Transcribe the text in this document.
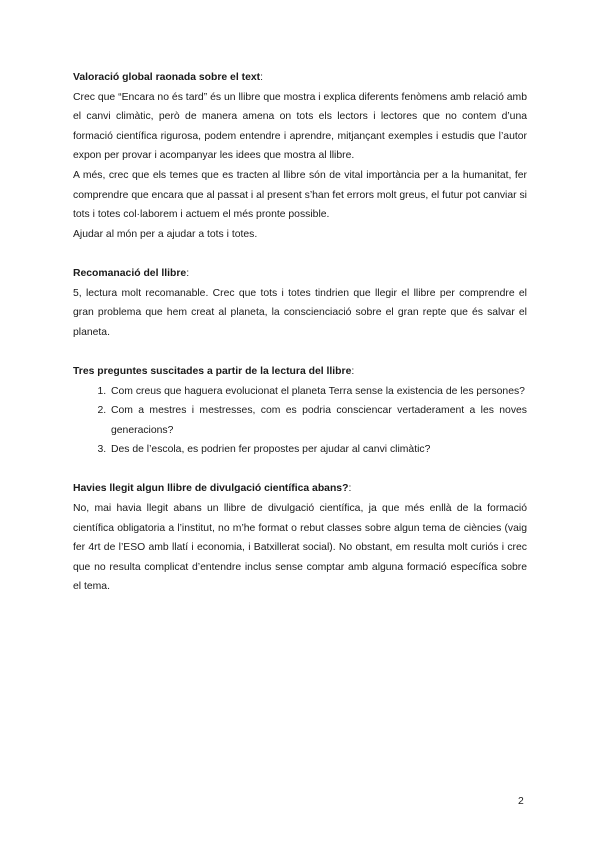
Valoració global raonada sobre el text:

Crec que “Encara no és tard” és un llibre que mostra i explica diferents fenòmens amb relació amb el canvi climàtic, però de manera amena on tots els lectors i lectores que no contem d’una formació científica rigurosa, podem entendre i aprendre, mitjançant exemples i estudis que l’autor expon per provar i acompanyar les idees que mostra al llibre.

A més, crec que els temes que es tracten al llibre són de vital importància per a la humanitat, fer comprendre que encara que al passat i al present s’han fet errors molt greus, el futur pot canviar si tots i totes col·laborem i actuem el més pronte possible.

Ajudar al món per a ajudar a tots i totes.

Recomanació del llibre:

5, lectura molt recomanable. Crec que tots i totes tindrien que llegir el llibre per comprendre el gran problema que hem creat al planeta, la conscienciació sobre el gran repte que és salvar el planeta.

Tres preguntes suscitades a partir de la lectura del llibre:
1. Com creus que haguera evolucionat el planeta Terra sense la existencia de les persones?
2. Com a mestres i mestresses, com es podria consciencar vertaderament a les noves generacions?
3. Des de l’escola, es podrien fer propostes per ajudar al canvi climàtic?
Havies llegit algun llibre de divulgació científica abans?:

No, mai havia llegit abans un llibre de divulgació científica, ja que més enllà de la formació científica obligatoria a l’institut, no m’he format o rebut classes sobre algun tema de ciències (vaig fer 4rt de l’ESO amb llatí i economia, i Batxillerat social). No obstant, em resulta molt curiós i crec que no resulta complicat d’entendre inclus sense comptar amb alguna formació específica sobre el tema.

2
